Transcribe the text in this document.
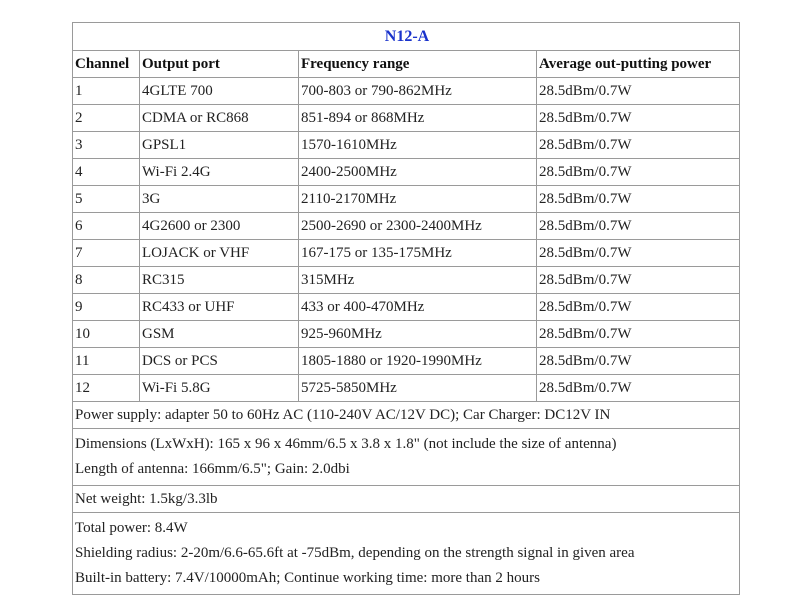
N12-A			
Channel	Output port	Frequency range	Average out-putting power
1	4GLTE 700	700-803 or 790-862MHz	28.5dBm/0.7W
2	CDMA or RC868	851-894 or 868MHz	28.5dBm/0.7W
3	GPSL1	1570-1610MHz	28.5dBm/0.7W
4	Wi-Fi 2.4G	2400-2500MHz	28.5dBm/0.7W
5	3G	2110-2170MHz	28.5dBm/0.7W
6	4G2600 or 2300	2500-2690 or 2300-2400MHz	28.5dBm/0.7W
7	LOJACK or VHF	167-175 or 135-175MHz	28.5dBm/0.7W
8	RC315	315MHz	28.5dBm/0.7W
9	RC433 or UHF	433 or 400-470MHz	28.5dBm/0.7W
10	GSM	925-960MHz	28.5dBm/0.7W
11	DCS or PCS	1805-1880 or 1920-1990MHz	28.5dBm/0.7W
12	Wi-Fi 5.8G	5725-5850MHz	28.5dBm/0.7W
Power supply: adapter 50 to 60Hz AC (110-240V AC/12V DC); Car Charger: DC12V IN			

Dimensions (LxWxH): 165 x 96 x 46mm/6.5 x 3.8 x 1.8" (not include the size of antenna)
Length of antenna: 166mm/6.5"; Gain: 2.0dbi			

Net weight: 1.5kg/3.3lb			

Total power: 8.4W
Shielding radius: 2-20m/6.6-65.6ft at -75dBm, depending on the strength signal in given area
Built-in battery: 7.4V/10000mAh; Continue working time: more than 2 hours			
